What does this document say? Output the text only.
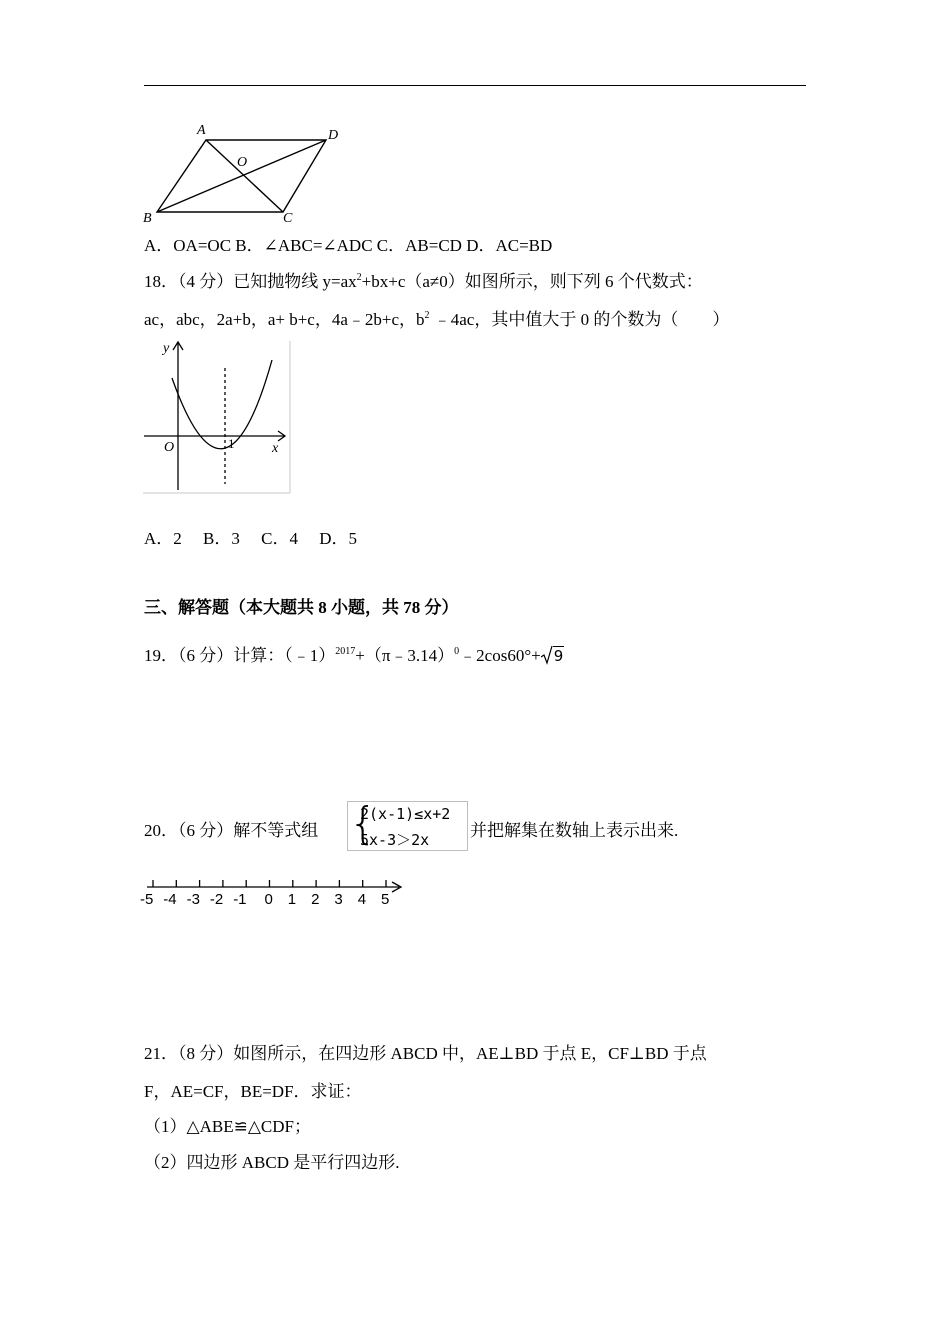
A	D
O
B	C
A．OA=OC B．∠ABC=∠ADC C．AB=CD D．AC=BD
18．（4 分）已知抛物线 $y=ax^2+bx+c(a\ne 0)$如图所示，则下列 6 个代数式：
ac，abc，2a+b，a+ b+c，4a﹣2b+c，$b^2$ ﹣4ac，其中值大于 0 的个数为（　　）
y
x
O	1
A．2　 B．3　 C．4　 D．5
三、解答题（本大题共 8 小题，共 78 分）
19．（6 分）计算：（﹣1）$^{2017}$+（π﹣3.14）$^0$﹣2cos60°+ 9
20．（6 分）解不等式组 {
2(x-1)≤x+2
5x-3＞2x 并把解集在数轴上表示出来.
-5 -4 -3 -2 -1 0 1 2 3 4 5
21．（8 分）如图所示，在四边形 ABCD 中，AE⊥BD 于点 E，CF⊥BD 于点
F，AE=CF，BE=DF．求证：
（1）△ABE≌△CDF；
（2）四边形 ABCD 是平行四边形.
